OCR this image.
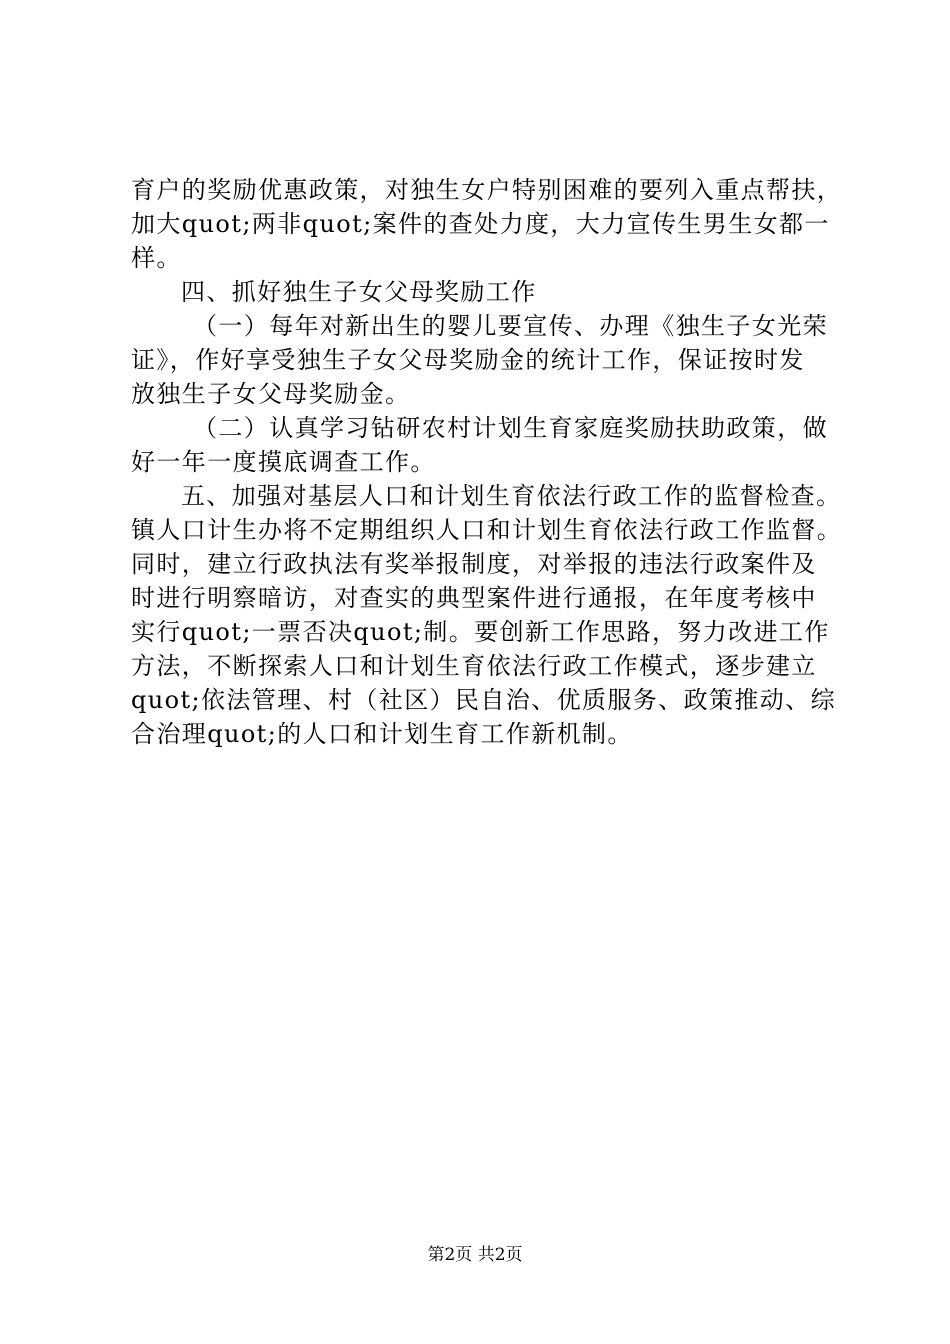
育户的奖励优惠政策，对独生女户特别困难的要列入重点帮扶，
加大quot;两非quot;案件的查处力度，大力宣传生男生女都一
样。
四、抓好独生子女父母奖励工作
（一）每年对新出生的婴儿要宣传、办理《独生子女光荣
证》，作好享受独生子女父母奖励金的统计工作，保证按时发
放独生子女父母奖励金。
（二）认真学习钻研农村计划生育家庭奖励扶助政策，做
好一年一度摸底调查工作。
五、加强对基层人口和计划生育依法行政工作的监督检查。
镇人口计生办将不定期组织人口和计划生育依法行政工作监督。
同时，建立行政执法有奖举报制度，对举报的违法行政案件及
时进行明察暗访，对查实的典型案件进行通报，在年度考核中
实行quot;一票否决quot;制。要创新工作思路，努力改进工作
方法，不断探索人口和计划生育依法行政工作模式，逐步建立
quot;依法管理、村（社区）民自治、优质服务、政策推动、综
合治理quot;的人口和计划生育工作新机制。
第2页 共2页
